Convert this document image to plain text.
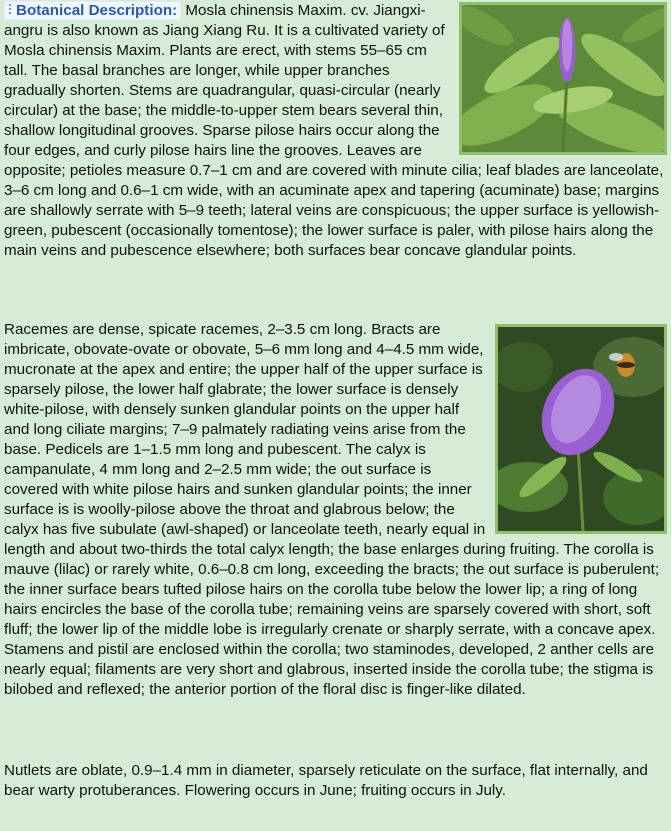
Botanical Description: Mosla chinensis Maxim. cv. Jiangxi-angru is also known as Jiang Xiang Ru. It is a cultivated variety of Mosla chinensis Maxim. Plants are erect, with stems 55–65 cm tall. The basal branches are longer, while upper branches gradually shorten. Stems are quadrangular, quasi-circular (nearly circular) at the base; the middle-to-upper stem bears several thin, shallow longitudinal grooves. Sparse pilose hairs occur along the four edges, and curly pilose hairs line the grooves. Leaves are opposite; petioles measure 0.7–1 cm and are covered with minute cilia; leaf blades are lanceolate, 3–6 cm long and 0.6–1 cm wide, with an acuminate apex and tapering (acuminate) base; margins are shallowly serrate with 5–9 teeth; lateral veins are conspicuous; the upper surface is yellowish-green, pubescent (occasionally tomentose); the lower surface is paler, with pilose hairs along the main veins and pubescence elsewhere; both surfaces bear concave glandular points.

Racemes are dense, spicate racemes, 2–3.5 cm long. Bracts are imbricate, obovate-ovate or obovate, 5–6 mm long and 4–4.5 mm wide, mucronate at the apex and entire; the upper half of the upper surface is sparsely pilose, the lower half glabrate; the lower surface is densely white-pilose, with densely sunken glandular points on the upper half and long ciliate margins; 7–9 palmately radiating veins arise from the base. Pedicels are 1–1.5 mm long and pubescent. The calyx is campanulate, 4 mm long and 2–2.5 mm wide; the out surface is covered with white pilose hairs and sunken glandular points; the inner surface is is woolly-pilose above the throat and glabrous below; the calyx has five subulate (awl-shaped) or lanceolate teeth, nearly equal in length and about two-thirds the total calyx length; the base enlarges during fruiting. The corolla is mauve (lilac) or rarely white, 0.6–0.8 cm long, exceeding the bracts; the out surface is puberulent; the inner surface bears tufted pilose hairs on the corolla tube below the lower lip; a ring of long hairs encircles the base of the corolla tube; remaining veins are sparsely covered with short, soft fluff; the lower lip of the middle lobe is irregularly crenate or sharply serrate, with a concave apex. Stamens and pistil are enclosed within the corolla; two staminodes, developed, 2 anther cells are nearly equal; filaments are very short and glabrous, inserted inside the corolla tube; the stigma is bilobed and reflexed; the anterior portion of the floral disc is finger-like dilated.

Nutlets are oblate, 0.9–1.4 mm in diameter, sparsely reticulate on the surface, flat internally, and bear warty protuberances. Flowering occurs in June; fruiting occurs in July.
